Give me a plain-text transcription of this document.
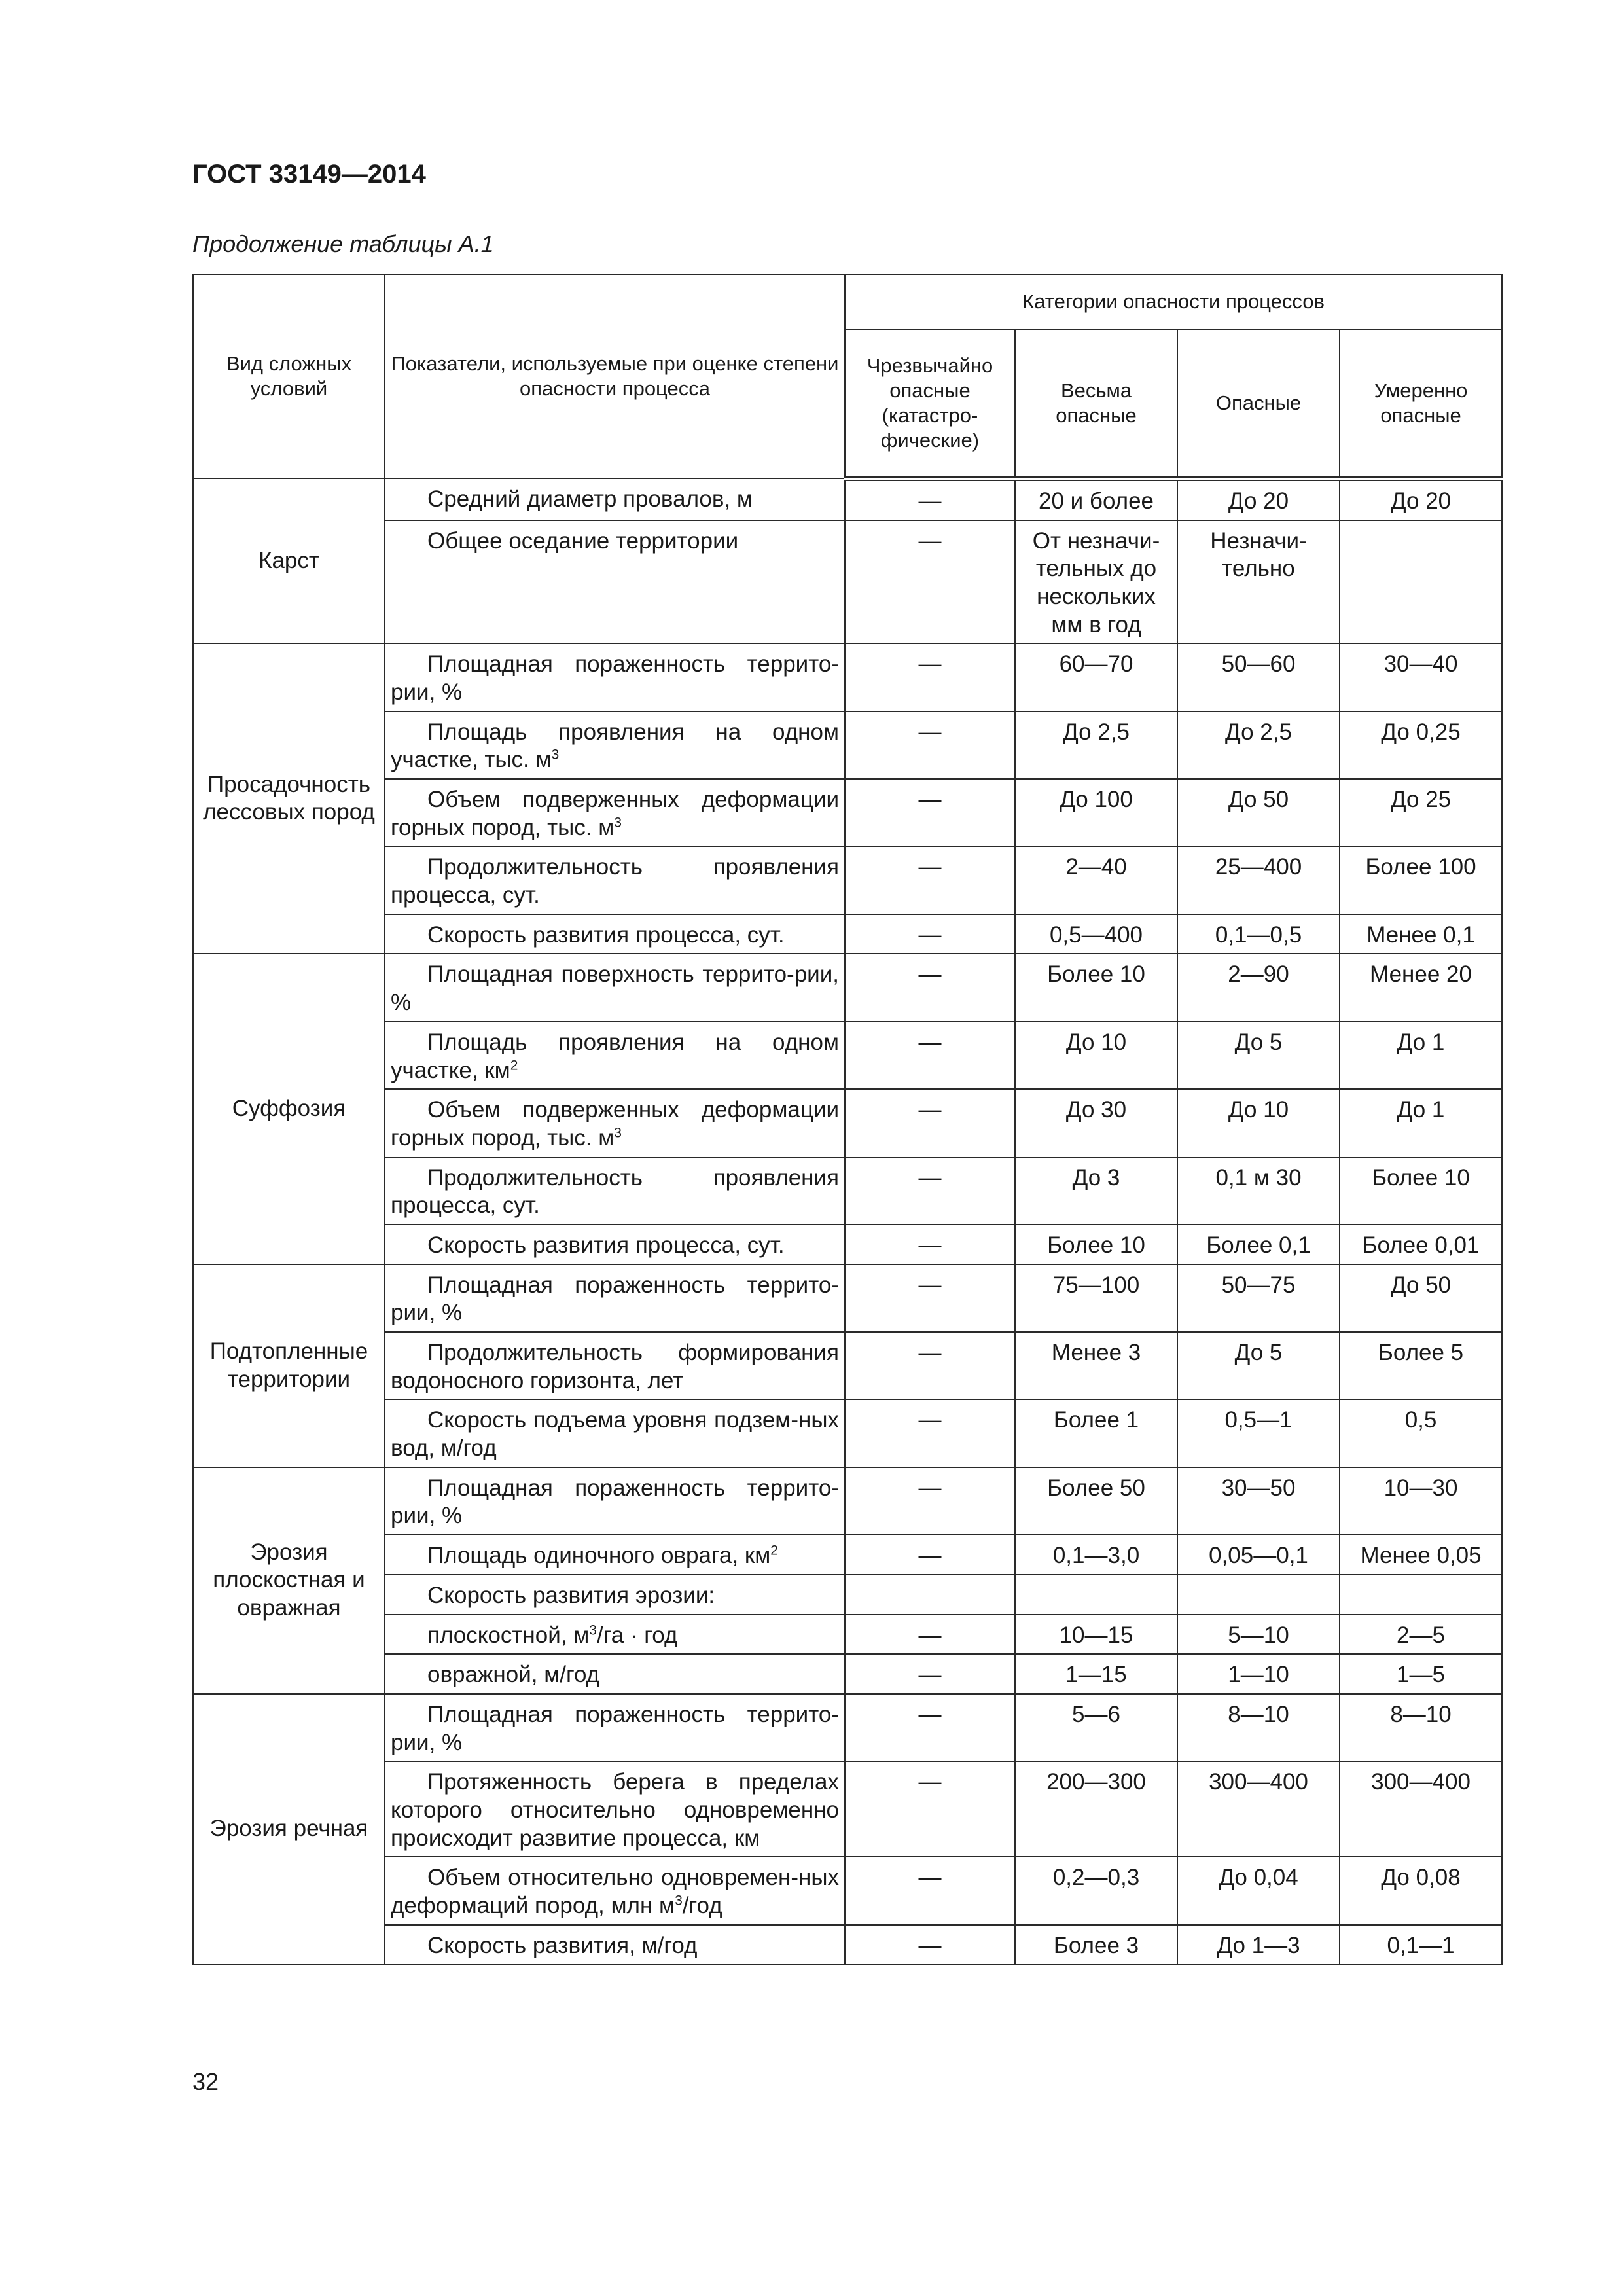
ГОСТ 33149—2014
Продолжение таблицы А.1
Вид сложных условий	Показатели, используемые при оценке степени опасности процесса	Категории опасности процессов			
		Чрезвычайно опасные (катастро-фические)	Весьма опасные	Опасные	Умеренно опасные
Карст	Средний диаметр провалов, м	—	20 и более	До 20	До 20
	Общее оседание территории	—	От незначи-тельных до нескольких мм в год	Незначи-тельно	
Просадочность лессовых пород	Площадная пораженность террито-рии, %	—	60—70	50—60	30—40
	Площадь проявления на одном участке, тыс. $м^3$	—	До 2,5	До 2,5	До 0,25
	Объем подверженных деформации горных пород, тыс. $м^3$	—	До 100	До 50	До 25
	Продолжительность проявления процесса, сут.	—	2—40	25—400	Более 100
	Скорость развития процесса, сут.	—	0,5—400	0,1—0,5	Менее 0,1
Суффозия	Площадная поверхность террито-рии, %	—	Более 10	2—90	Менее 20
	Площадь проявления на одном участке, $км^2$	—	До 10	До 5	До 1
	Объем подверженных деформации горных пород, тыс. $м^3$	—	До 30	До 10	До 1
	Продолжительность проявления процесса, сут.	—	До 3	0,1 м 30	Более 10
	Скорость развития процесса, сут.	—	Более 10	Более 0,1	Более 0,01
Подтопленные территории	Площадная пораженность террито-рии, %	—	75—100	50—75	До 50
	Продолжительность формирования водоносного горизонта, лет	—	Менее 3	До 5	Более 5
	Скорость подъема уровня подзем-ных вод, м/год	—	Более 1	0,5—1	0,5
Эрозия плоскостная и овражная	Площадная пораженность террито-рии, %	—	Более 50	30—50	10—30
	Площадь одиночного оврага, $км^2$	—	0,1—3,0	0,05—0,1	Менее 0,05
	Скорость развития эрозии:				
	плоскостной, $м^3/га$ · год	—	10—15	5—10	2—5
	овражной, м/год	—	1—15	1—10	1—5
Эрозия речная	Площадная пораженность террито-рии, %	—	5—6	8—10	8—10
	Протяженность берега в пределах которого относительно одновременно происходит развитие процесса, км	—	200—300	300—400	300—400
	Объем относительно одновремен-ных деформаций пород, млн $м^3$/год	—	0,2—0,3	До 0,04	До 0,08
	Скорость развития, м/год	—	Более 3	До 1—3	0,1—1
32
